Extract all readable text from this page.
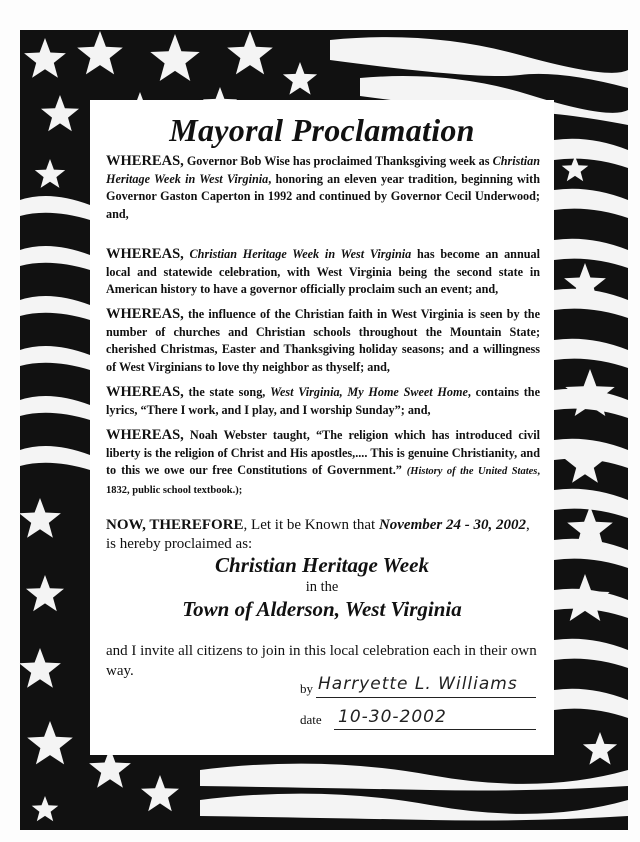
Mayoral Proclamation
WHEREAS, Governor Bob Wise has proclaimed Thanksgiving week as Christian Heritage Week in West Virginia, honoring an eleven year tradition, beginning with Governor Gaston Caperton in 1992 and continued by Governor Cecil Underwood; and,
WHEREAS, Christian Heritage Week in West Virginia has become an annual local and statewide celebration, with West Virginia being the second state in American history to have a governor officially proclaim such an event; and,
WHEREAS, the influence of the Christian faith in West Virginia is seen by the number of churches and Christian schools throughout the Mountain State; cherished Christmas, Easter and Thanksgiving holiday seasons; and a willingness of West Virginians to love thy neighbor as thyself; and,
WHEREAS, the state song, West Virginia, My Home Sweet Home, contains the lyrics, “There I work, and I play, and I worship Sunday”; and,
WHEREAS, Noah Webster taught, “The religion which has introduced civil liberty is the religion of Christ and His apostles,.... This is genuine Christianity, and to this we owe our free Constitutions of Government.” (History of the United States, 1832, public school textbook.);
NOW, THEREFORE, Let it be Known that November 24 - 30, 2002,
is hereby proclaimed as:
Christian Heritage Week
in the
Town of Alderson, West Virginia
and I invite all citizens to join in this local celebration each in their own way.
by Harryette L. Williams
date 10-30-2002
